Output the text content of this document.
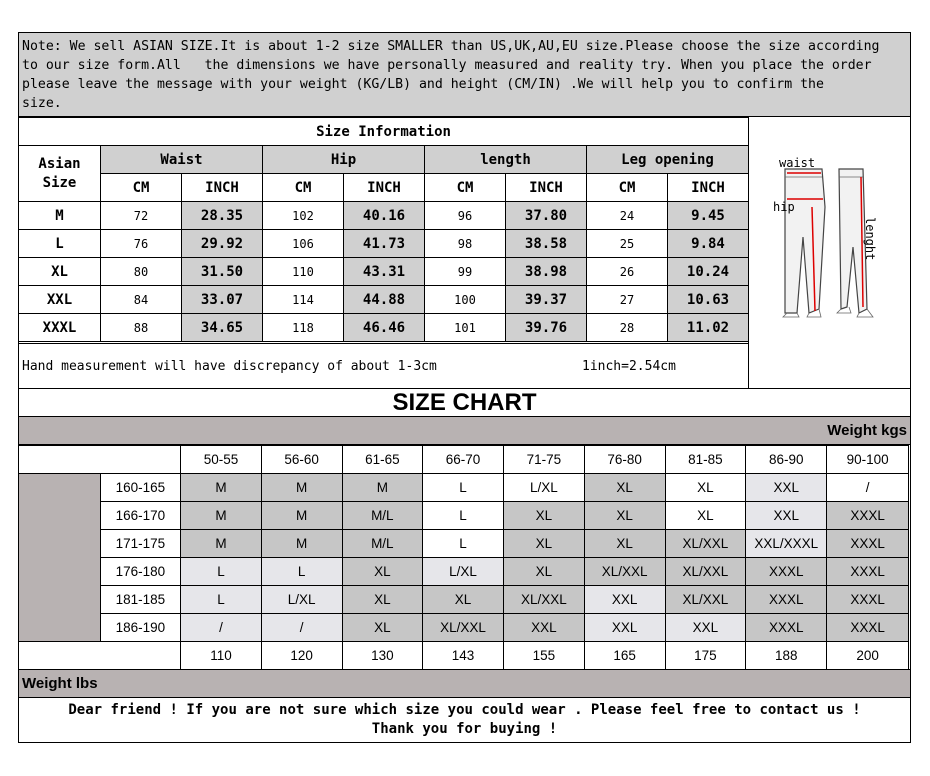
Note: We sell ASIAN SIZE.It is about 1-2 size SMALLER than US,UK,AU,EU size.Please choose the size according
to our size form.All   the dimensions we have personally measured and reality try. When you place the order
please leave the message with your weight (KG/LB) and height (CM/IN) .We will help you to confirm the
size.
Size Information								

Asian
Size	Waist		Hip		length		Leg opening	
	CM	INCH	CM	INCH	CM	INCH	CM	INCH
M	72	28.35	102	40.16	96	37.80	24	9.45
L	76	29.92	106	41.73	98	38.58	25	9.84
XL	80	31.50	110	43.31	99	38.98	26	10.24
XXL	84	33.07	114	44.88	100	39.37	27	10.63
XXXL	88	34.65	118	46.46	101	39.76	28	11.02
waist
hip
lenght
Hand measurement will have discrepancy of about 1-3cm	1inch=2.54cm
SIZE CHART
Weight kgs
		50-55	56-60	61-65	66-70	71-75	76-80	81-85	86-90	90-100
	160-165	M	M	M	L	L/XL	XL	XL	XXL	/
	166-170	M	M	M/L	L	XL	XL	XL	XXL	XXXL
	171-175	M	M	M/L	L	XL	XL	XL/XXL	XXL/XXXL	XXXL
	176-180	L	L	XL	L/XL	XL	XL/XXL	XL/XXL	XXXL	XXXL
	181-185	L	L/XL	XL	XL	XL/XXL	XXL	XL/XXL	XXXL	XXXL
	186-190	/	/	XL	XL/XXL	XXL	XXL	XXL	XXXL	XXXL
		110	120	130	143	155	165	175	188	200
Weight lbs
Dear friend ! If you are not sure which size you could wear . Please feel free to contact us !
Thank you for buying !
